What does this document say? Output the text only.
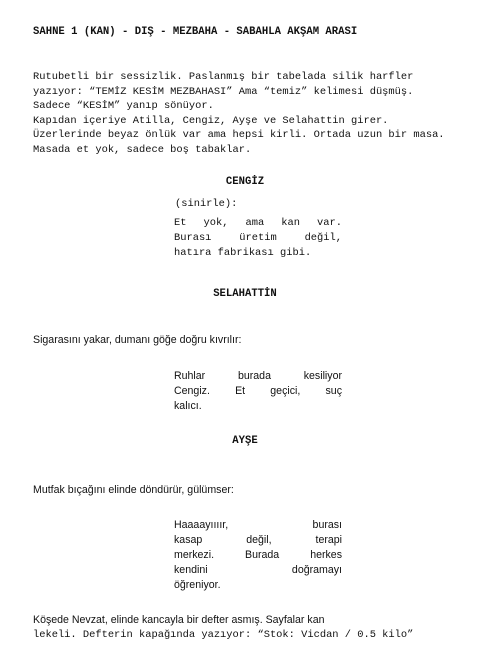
SAHNE 1 (KAN) - DIŞ - MEZBAHA - SABAHLA AKŞAM ARASI
Rutubetli bir sessizlik. Paslanmış bir tabelada silik harfler
yazıyor: “TEMİZ KESİM MEZBAHASI” Ama “temiz” kelimesi düşmüş.
Sadece “KESİM” yanıp sönüyor.
Kapıdan içeriye Atilla, Cengiz, Ayşe ve Selahattin girer.
Üzerlerinde beyaz önlük var ama hepsi kirli. Ortada uzun bir masa.
Masada et yok, sadece boş tabaklar.
CENGİZ
(sinirle):
Et yok, ama kan var.
Burası üretim değil,
hatıra fabrikası gibi.
SELAHATTİN
Sigarasını yakar, dumanı göğe doğru kıvrılır:
Ruhlar burada kesiliyor
Cengiz. Et geçici, suç
kalıcı.
AYŞE
Mutfak bıçağını elinde döndürür, gülümser:
Haaaayıııır, burası
kasap değil, terapi
merkezi. Burada herkes
kendini doğramayı
öğreniyor.
Köşede Nevzat, elinde kancayla bir defter asmış. Sayfalar kan
lekeli. Defterin kapağında yazıyor: “Stok: Vicdan / 0.5 kilo”
